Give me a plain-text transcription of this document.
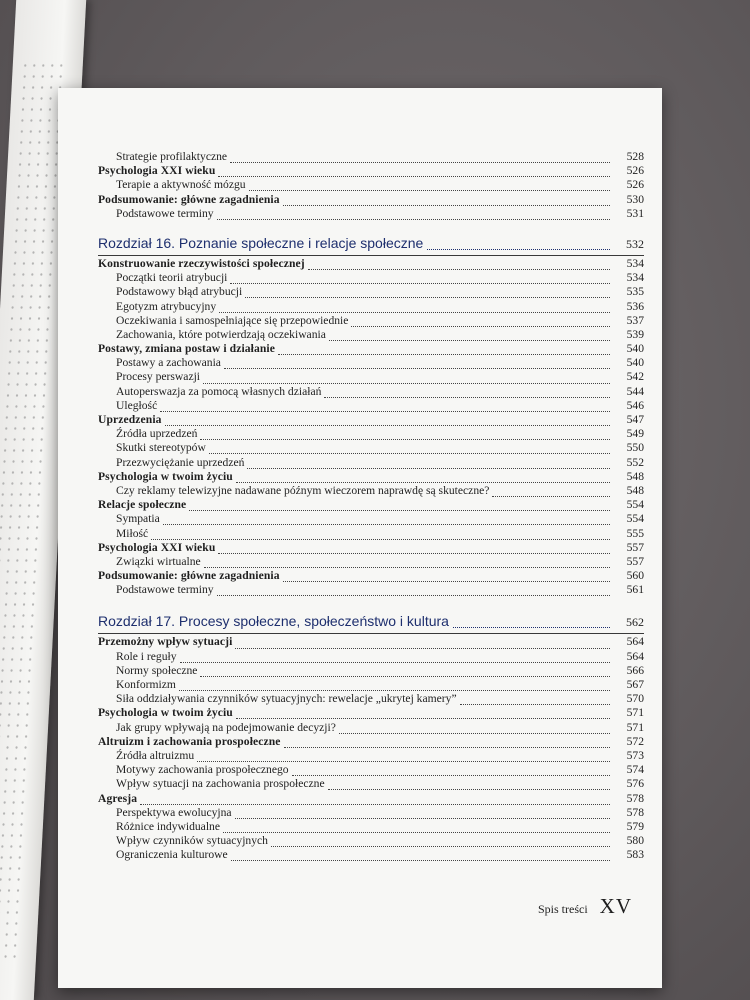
Strategie profilaktyczne	528
Psychologia XXI wieku	526
Terapie a aktywność mózgu	526
Podsumowanie: główne zagadnienia	530
Podstawowe terminy	531
Rozdział 16. Poznanie społeczne i relacje społeczne	532
Konstruowanie rzeczywistości społecznej	534
Początki teorii atrybucji	534
Podstawowy błąd atrybucji	535
Egotyzm atrybucyjny	536
Oczekiwania i samospełniające się przepowiednie	537
Zachowania, które potwierdzają oczekiwania	539
Postawy, zmiana postaw i działanie	540
Postawy a zachowania	540
Procesy perswazji	542
Autoperswazja za pomocą własnych działań	544
Uległość	546
Uprzedzenia	547
Źródła uprzedzeń	549
Skutki stereotypów	550
Przezwyciężanie uprzedzeń	552
Psychologia w twoim życiu	548
Czy reklamy telewizyjne nadawane późnym wieczorem naprawdę są skuteczne?	548
Relacje społeczne	554
Sympatia	554
Miłość	555
Psychologia XXI wieku	557
Związki wirtualne	557
Podsumowanie: główne zagadnienia	560
Podstawowe terminy	561
Rozdział 17. Procesy społeczne, społeczeństwo i kultura	562
Przemożny wpływ sytuacji	564
Role i reguły	564
Normy społeczne	566
Konformizm	567
Siła oddziaływania czynników sytuacyjnych: rewelacje „ukrytej kamery”	570
Psychologia w twoim życiu	571
Jak grupy wpływają na podejmowanie decyzji?	571
Altruizm i zachowania prospołeczne	572
Źródła altruizmu	573
Motywy zachowania prospołecznego	574
Wpływ sytuacji na zachowania prospołeczne	576
Agresja	578
Perspektywa ewolucyjna	578
Różnice indywidualne	579
Wpływ czynników sytuacyjnych	580
Ograniczenia kulturowe	583
Spis treści XV
